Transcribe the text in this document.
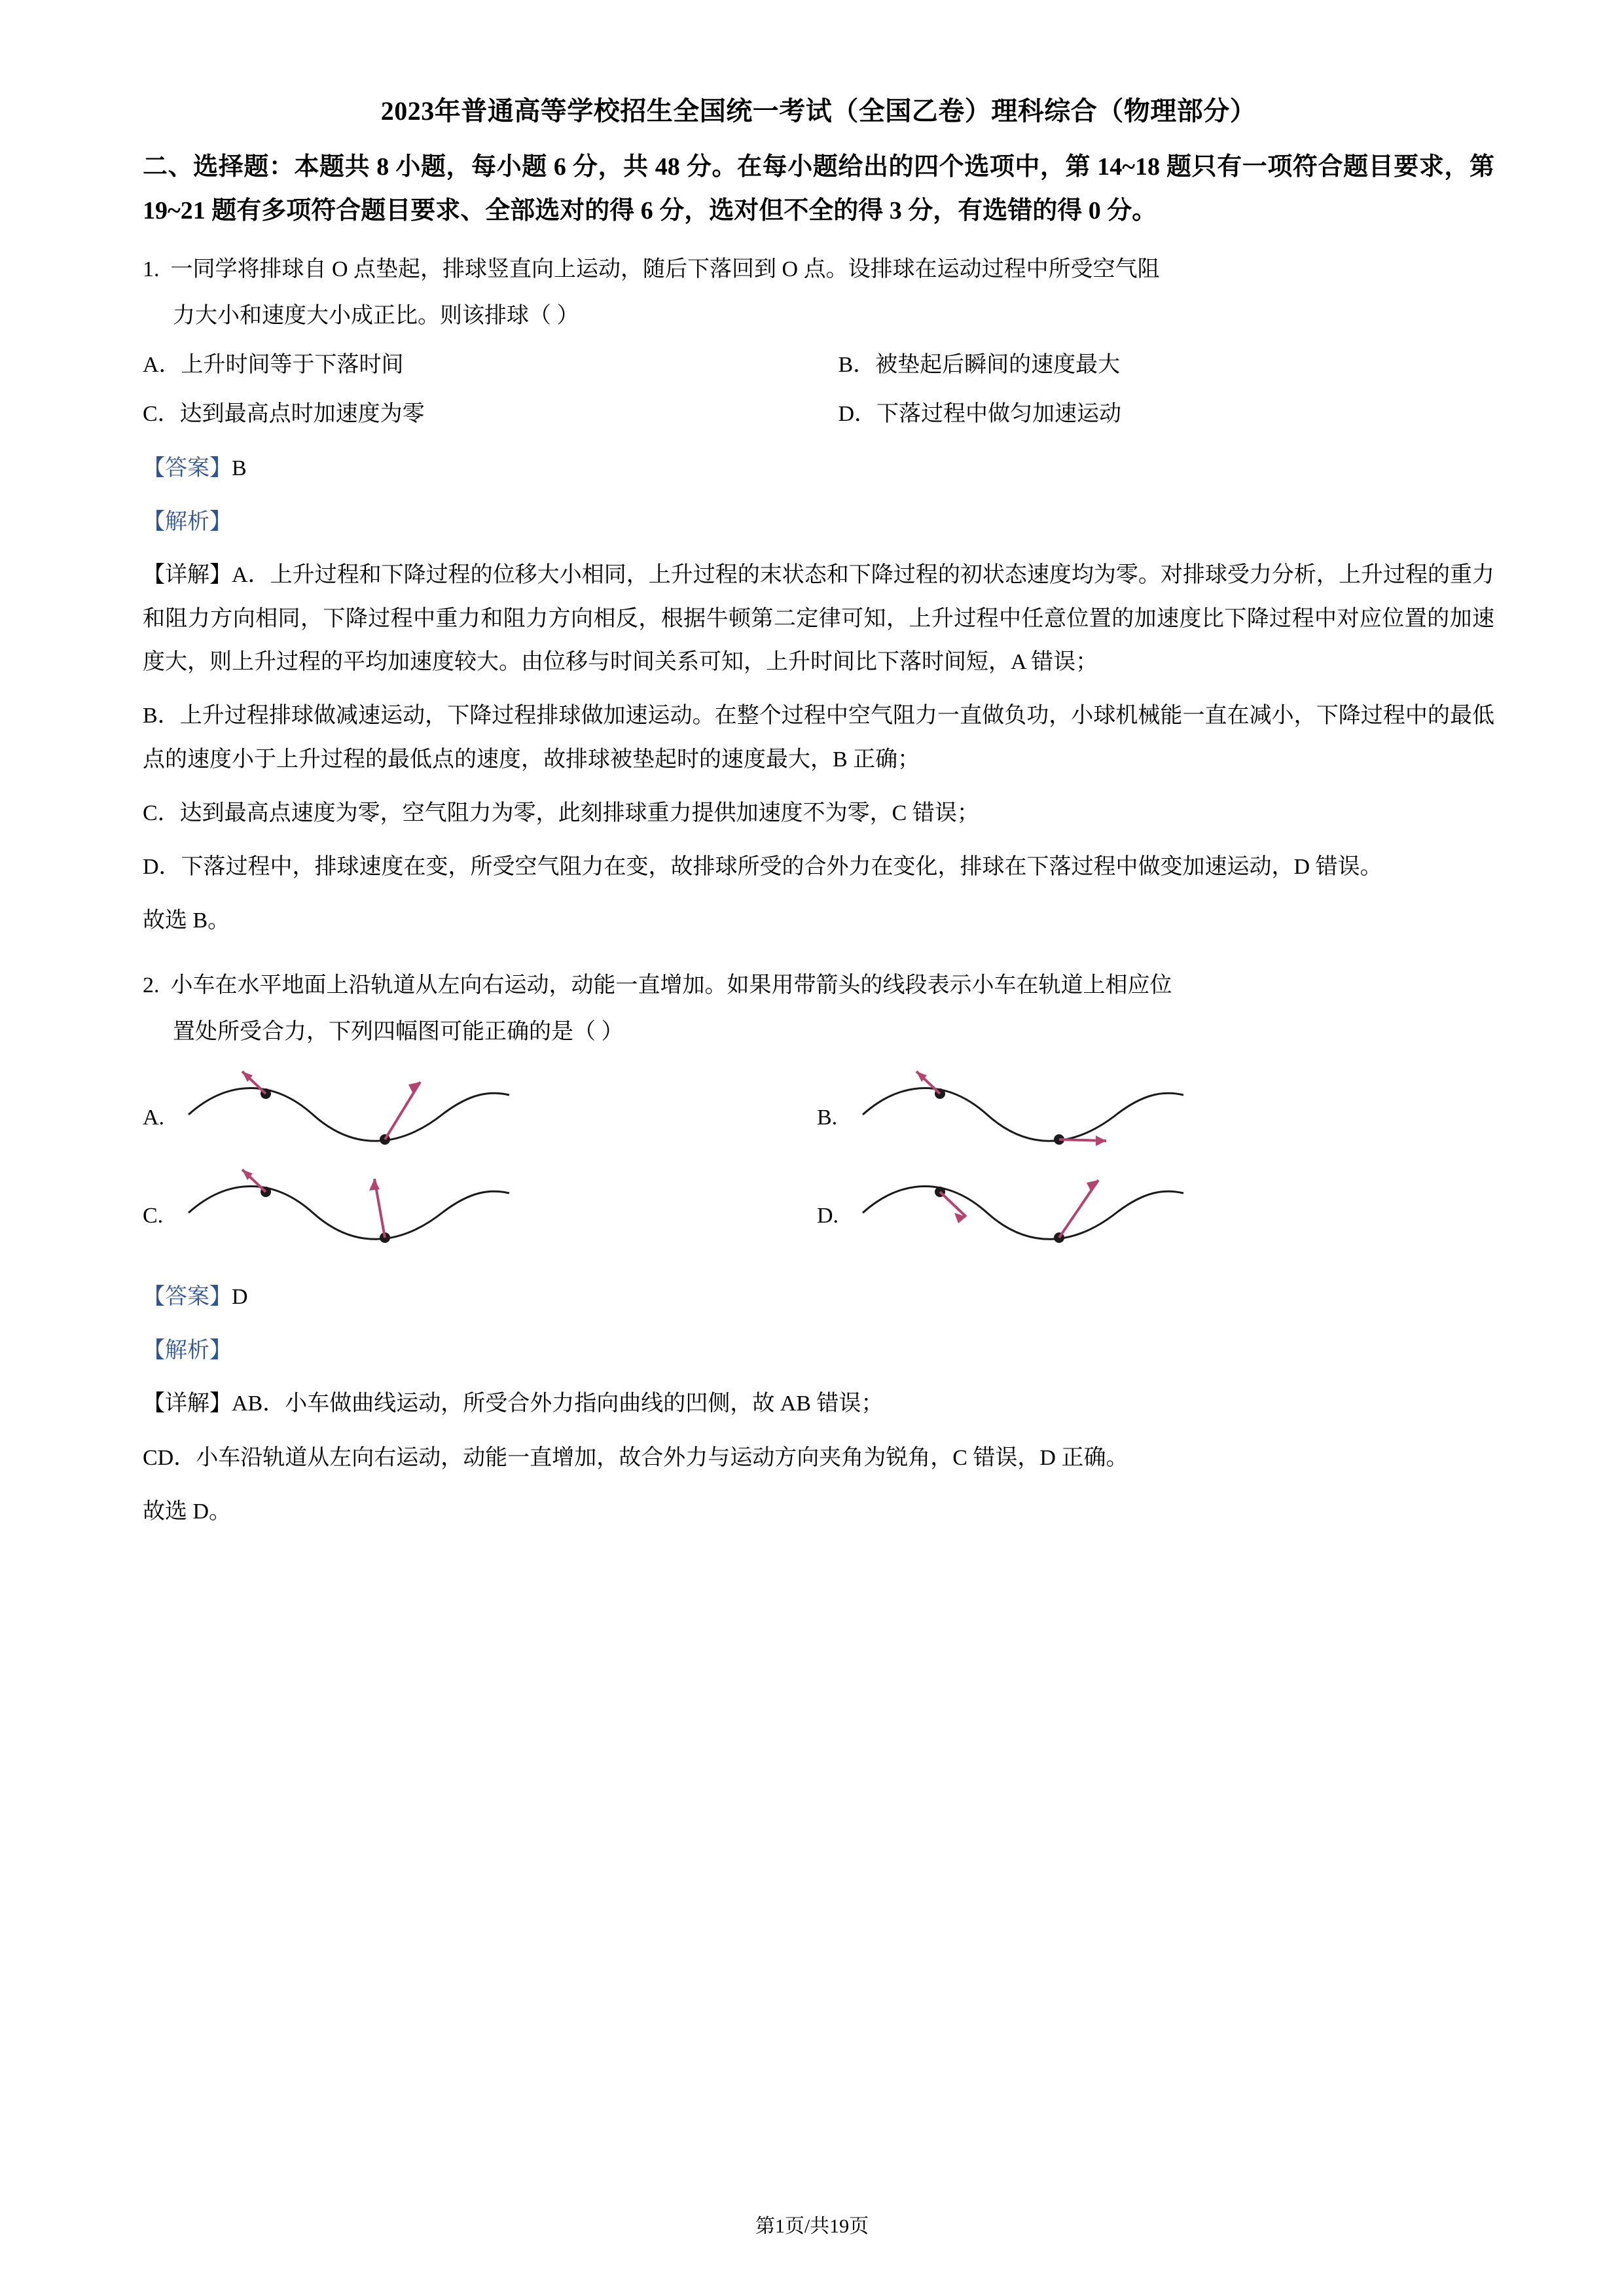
2023年普通高等学校招生全国统一考试（全国乙卷）理科综合（物理部分）
二、选择题：本题共 8 小题，每小题 6 分，共 48 分。在每小题给出的四个选项中，第 14~18 题只有一项符合题目要求，第 19~21 题有多项符合题目要求、全部选对的得 6 分，选对但不全的得 3 分，有选错的得 0 分。
1. 一同学将排球自 O 点垫起，排球竖直向上运动，随后下落回到 O 点。设排球在运动过程中所受空气阻
力大小和速度大小成正比。则该排球（ ）
A．上升时间等于下落时间	B．被垫起后瞬间的速度最大
C．达到最高点时加速度为零	D．下落过程中做匀加速运动
【答案】B
【解析】
【详解】A．上升过程和下降过程的位移大小相同，上升过程的末状态和下降过程的初状态速度均为零。对排球受力分析，上升过程的重力和阻力方向相同，下降过程中重力和阻力方向相反，根据牛顿第二定律可知，上升过程中任意位置的加速度比下降过程中对应位置的加速度大，则上升过程的平均加速度较大。由位移与时间关系可知，上升时间比下落时间短，A 错误；
B．上升过程排球做减速运动，下降过程排球做加速运动。在整个过程中空气阻力一直做负功，小球机械能一直在减小，下降过程中的最低点的速度小于上升过程的最低点的速度，故排球被垫起时的速度最大，B 正确；
C．达到最高点速度为零，空气阻力为零，此刻排球重力提供加速度不为零，C 错误；
D．下落过程中，排球速度在变，所受空气阻力在变，故排球所受的合外力在变化，排球在下落过程中做变加速运动，D 错误。
故选 B。
2. 小车在水平地面上沿轨道从左向右运动，动能一直增加。如果用带箭头的线段表示小车在轨道上相应位
置处所受合力，下列四幅图可能正确的是（ ）
A.	B.
C.	D.
【答案】D
【解析】
【详解】AB．小车做曲线运动，所受合外力指向曲线的凹侧，故 AB 错误；
CD．小车沿轨道从左向右运动，动能一直增加，故合外力与运动方向夹角为锐角，C 错误，D 正确。
故选 D。
第1页/共19页
